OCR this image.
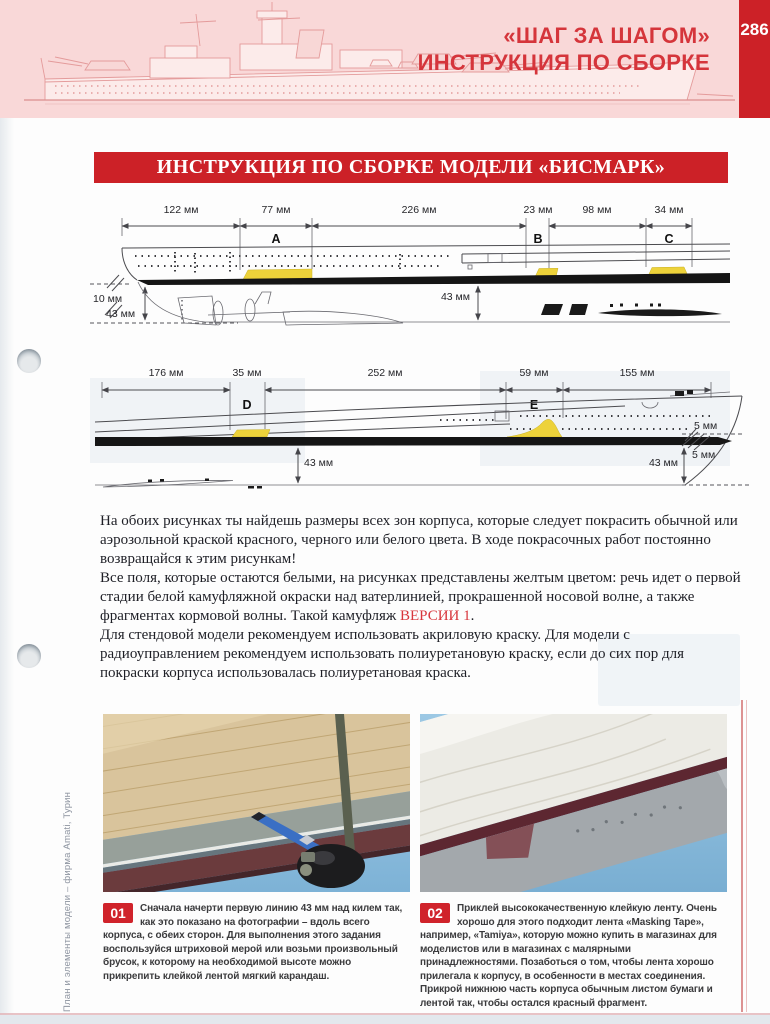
«ШАГ ЗА ШАГОМ»
ИНСТРУКЦИЯ ПО СБОРКЕ
286
ИНСТРУКЦИЯ ПО СБОРКЕ МОДЕЛИ «БИСМАРК»
122 мм	77 мм	226 мм	23 мм	98 мм	34 мм
A	B	C
10 мм
43 мм
43 мм
176 мм	35 мм	252 мм	59 мм	155 мм
D	E
5 мм
5 мм
43 мм
43 мм

На обоих рисунках ты найдешь размеры всех зон корпуса, которые следует покрасить обычной или аэрозольной краской красного, черного или белого цвета. В ходе покрасочных работ постоянно возвращайся к этим рисункам!

Все поля, которые остаются белыми, на рисунках представлены желтым цветом: речь идет о первой стадии белой камуфляжной окраски над ватерлинией, прокрашенной носовой волне, а также фрагментах кормовой волны. Такой камуфляж ВЕРСИИ 1.

Для стендовой модели рекомендуем использовать акриловую краску. Для модели с радиоуправлением рекомендуем использовать полиуретановую краску, если до сих пор для покраски корпуса использовалась полиуретановая краска.

01	Сначала начерти первую линию 43 мм над килем так, как это показано на фотографии – вдоль всего корпуса, с обеих сторон. Для выполнения этого задания воспользуйся штриховой мерой или возьми произвольный брусок, к которому на необходимой высоте можно прикрепить клейкой лентой мягкий карандаш.
02	Приклей высококачественную клейкую ленту. Очень хорошо для этого подходит лента «Masking Tape», например, «Tamiya», которую можно купить в магазинах для моделистов или в магазинах с малярными принадлежностями. Позаботься о том, чтобы лента хорошо прилегала к корпусу, в особенности в местах соединения. Прикрой нижнюю часть корпуса обычным листом бумаги и лентой так, чтобы остался красный фрагмент.
План и элементы модели – фирма Amati, Турин
